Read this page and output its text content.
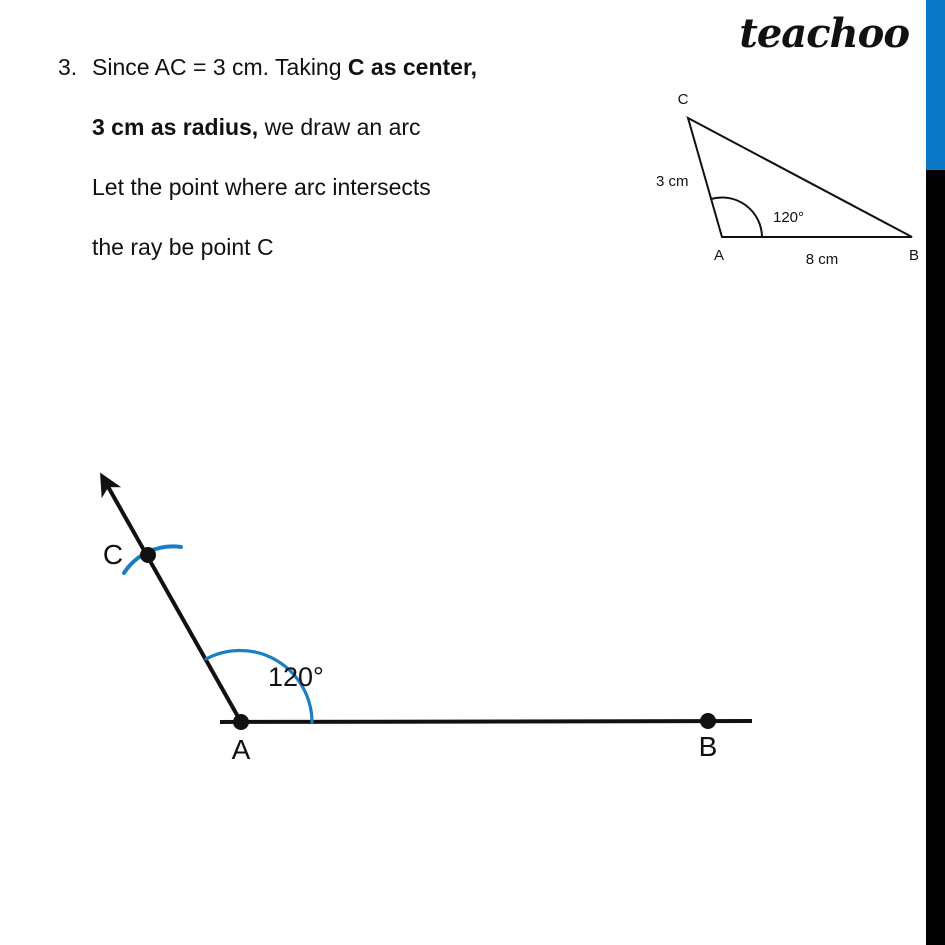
teachoo
3. Since AC = 3 cm. Taking C as center,
3 cm as radius, we draw an arc
Let the point where arc intersects
the ray be point C
C
A	B
3 cm
8 cm
120°
A	B
C
120°
